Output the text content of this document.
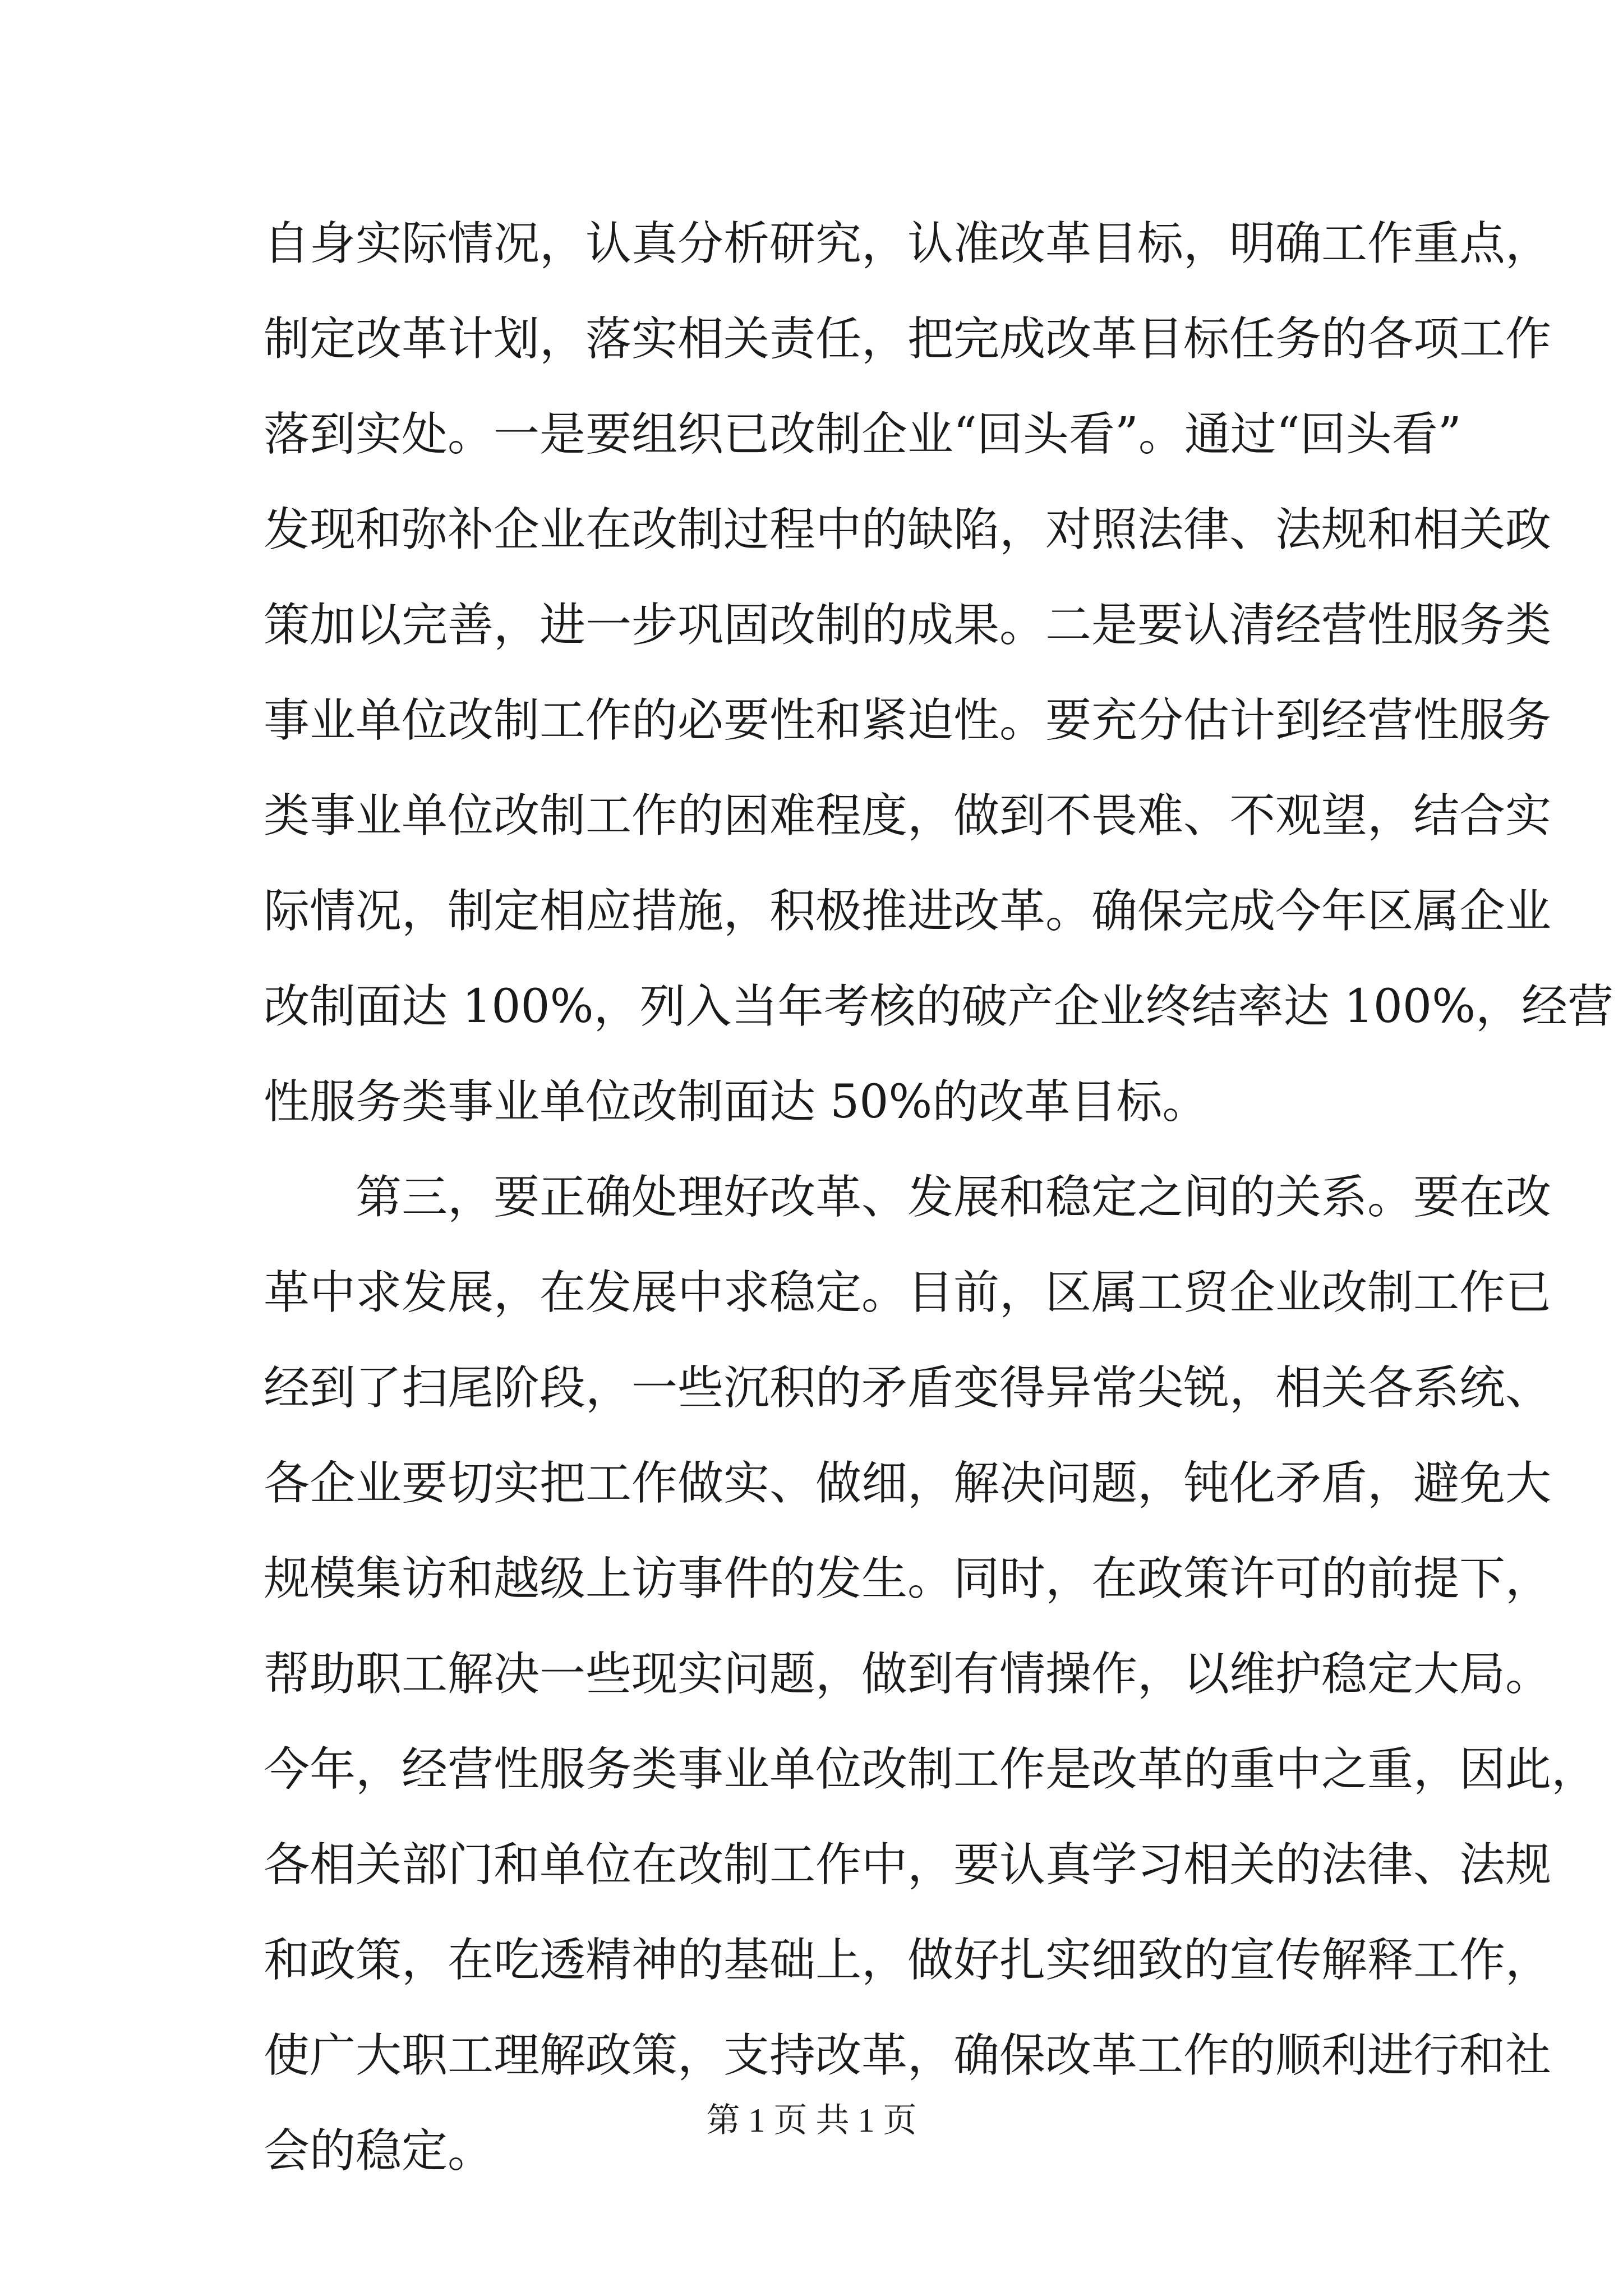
自身实际情况，认真分析研究，认准改革目标，明确工作重点，
制定改革计划，落实相关责任，把完成改革目标任务的各项工作
落到实处。一是要组织已改制企业“回头看”。通过“回头看”
发现和弥补企业在改制过程中的缺陷，对照法律、法规和相关政
策加以完善，进一步巩固改制的成果。二是要认清经营性服务类
事业单位改制工作的必要性和紧迫性。要充分估计到经营性服务
类事业单位改制工作的困难程度，做到不畏难、不观望，结合实
际情况，制定相应措施，积极推进改革。确保完成今年区属企业
改制面达 100%，列入当年考核的破产企业终结率达 100%，经营
性服务类事业单位改制面达 50%的改革目标。
第三，要正确处理好改革、发展和稳定之间的关系。要在改
革中求发展，在发展中求稳定。目前，区属工贸企业改制工作已
经到了扫尾阶段，一些沉积的矛盾变得异常尖锐，相关各系统、
各企业要切实把工作做实、做细，解决问题，钝化矛盾，避免大
规模集访和越级上访事件的发生。同时，在政策许可的前提下，
帮助职工解决一些现实问题，做到有情操作，以维护稳定大局。
今年，经营性服务类事业单位改制工作是改革的重中之重，因此，
各相关部门和单位在改制工作中，要认真学习相关的法律、法规
和政策，在吃透精神的基础上，做好扎实细致的宣传解释工作，
使广大职工理解政策，支持改革，确保改革工作的顺利进行和社
会的稳定。
第 1 页 共 1 页
